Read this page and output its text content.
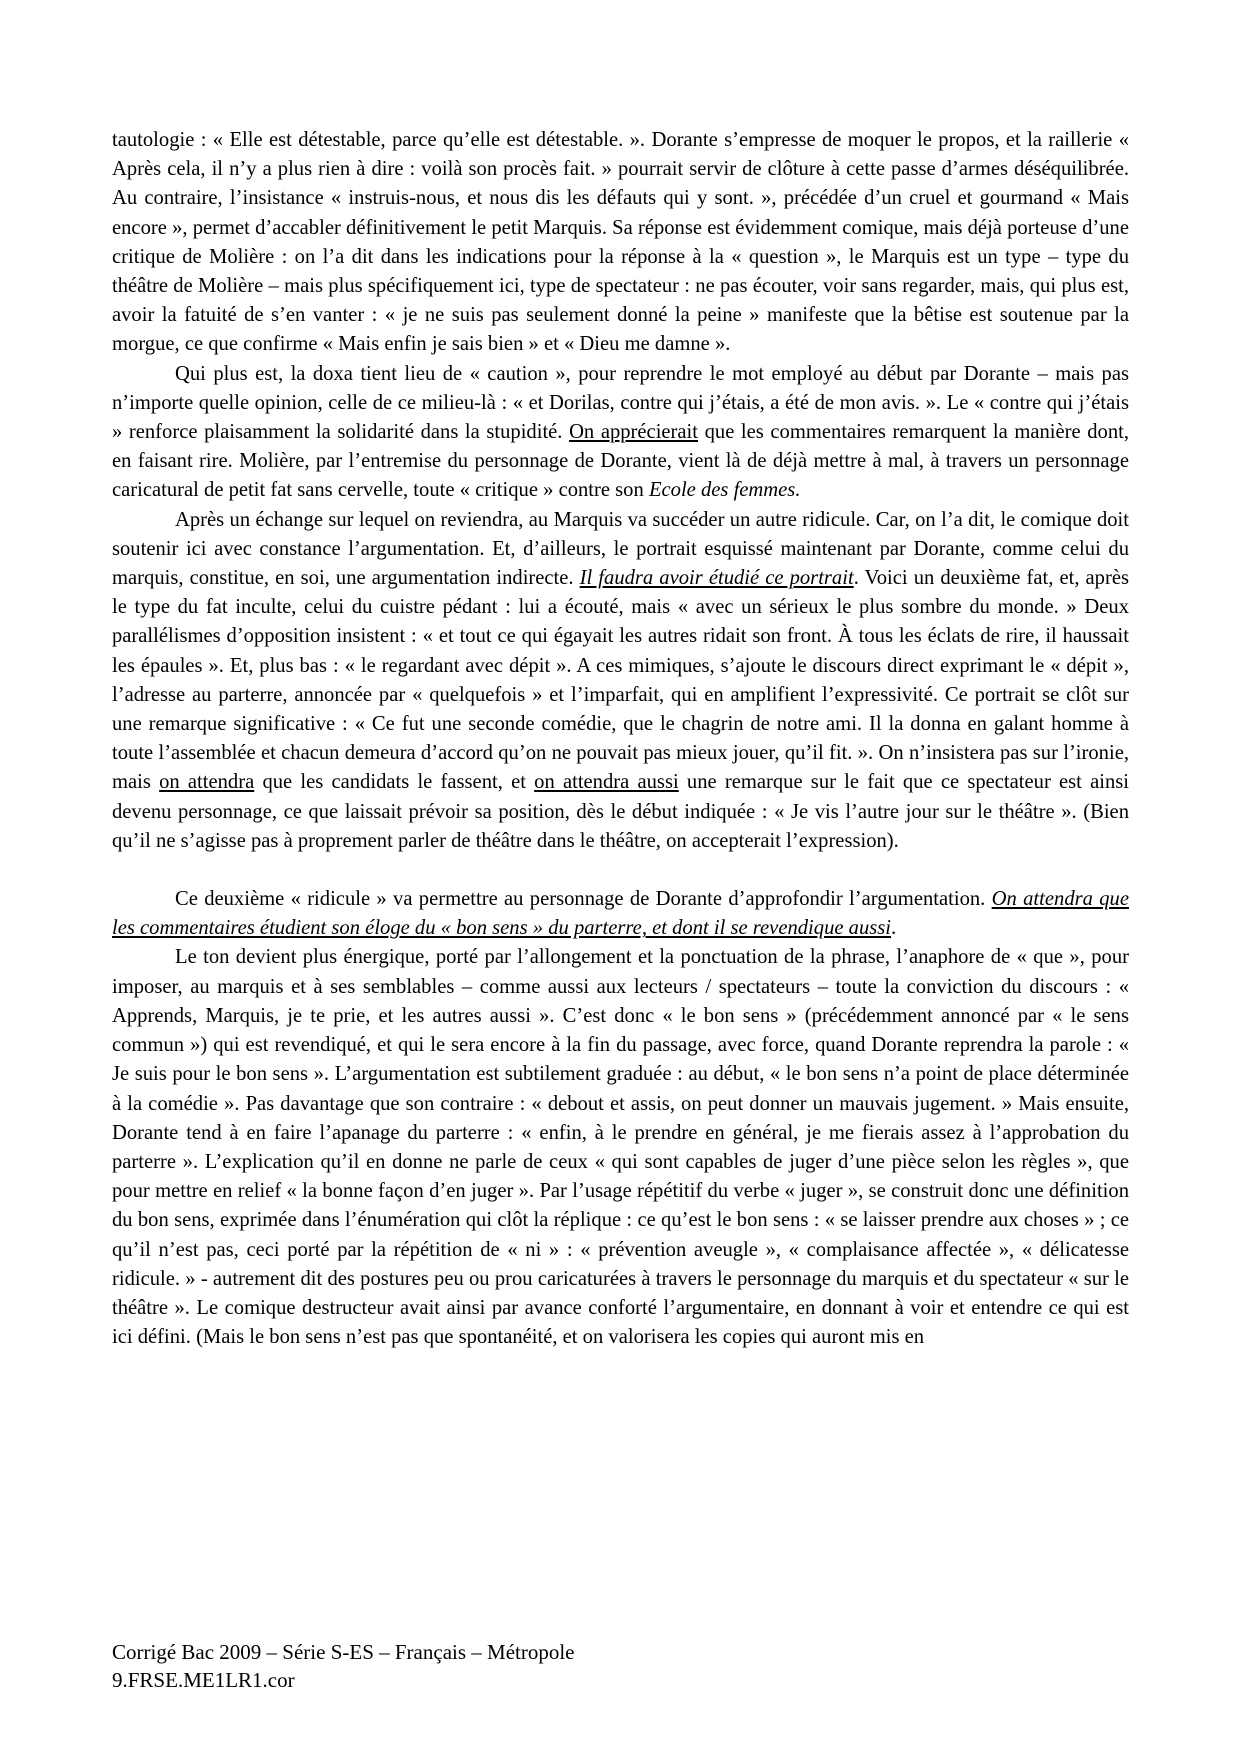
tautologie : « Elle est détestable, parce qu’elle est détestable. ». Dorante s’empresse de moquer le propos, et la raillerie « Après cela, il n’y a plus rien à dire : voilà son procès fait. » pourrait servir de clôture à cette passe d’armes déséquilibrée. Au contraire, l’insistance « instruis-nous, et nous dis les défauts qui y sont. », précédée d’un cruel et gourmand « Mais encore », permet d’accabler définitivement le petit Marquis. Sa réponse est évidemment comique, mais déjà porteuse d’une critique de Molière : on l’a dit dans les indications pour la réponse à la « question », le Marquis est un type – type du théâtre de Molière – mais plus spécifiquement ici, type de spectateur : ne pas écouter, voir sans regarder, mais, qui plus est, avoir la fatuité de s’en vanter : « je ne suis pas seulement donné la peine » manifeste que la bêtise est soutenue par la morgue, ce que confirme « Mais enfin je sais bien » et « Dieu me damne ».

Qui plus est, la doxa tient lieu de « caution », pour reprendre le mot employé au début par Dorante – mais pas n’importe quelle opinion, celle de ce milieu-là : « et Dorilas, contre qui j’étais, a été de mon avis. ». Le « contre qui j’étais » renforce plaisamment la solidarité dans la stupidité. On apprécierait que les commentaires remarquent la manière dont, en faisant rire. Molière, par l’entremise du personnage de Dorante, vient là de déjà mettre à mal, à travers un personnage caricatural de petit fat sans cervelle, toute « critique » contre son Ecole des femmes.

Après un échange sur lequel on reviendra, au Marquis va succéder un autre ridicule. Car, on l’a dit, le comique doit soutenir ici avec constance l’argumentation. Et, d’ailleurs, le portrait esquissé maintenant par Dorante, comme celui du marquis, constitue, en soi, une argumentation indirecte. Il faudra avoir étudié ce portrait. Voici un deuxième fat, et, après le type du fat inculte, celui du cuistre pédant : lui a écouté, mais « avec un sérieux le plus sombre du monde. » Deux parallélismes d’opposition insistent : « et tout ce qui égayait les autres ridait son front. À tous les éclats de rire, il haussait les épaules ». Et, plus bas : « le regardant avec dépit ». A ces mimiques, s’ajoute le discours direct exprimant le « dépit », l’adresse au parterre, annoncée par « quelquefois » et l’imparfait, qui en amplifient l’expressivité. Ce portrait se clôt sur une remarque significative : « Ce fut une seconde comédie, que le chagrin de notre ami. Il la donna en galant homme à toute l’assemblée et chacun demeura d’accord qu’on ne pouvait pas mieux jouer, qu’il fit. ». On n’insistera pas sur l’ironie, mais on attendra que les candidats le fassent, et on attendra aussi une remarque sur le fait que ce spectateur est ainsi devenu personnage, ce que laissait prévoir sa position, dès le début indiquée : « Je vis l’autre jour sur le théâtre ». (Bien qu’il ne s’agisse pas à proprement parler de théâtre dans le théâtre, on accepterait l’expression).

Ce deuxième « ridicule » va permettre au personnage de Dorante d’approfondir l’argumentation. On attendra que les commentaires étudient son éloge du « bon sens » du parterre, et dont il se revendique aussi.

Le ton devient plus énergique, porté par l’allongement et la ponctuation de la phrase, l’anaphore de « que », pour imposer, au marquis et à ses semblables – comme aussi aux lecteurs / spectateurs – toute la conviction du discours : « Apprends, Marquis, je te prie, et les autres aussi ». C’est donc « le bon sens » (précédemment annoncé par « le sens commun ») qui est revendiqué, et qui le sera encore à la fin du passage, avec force, quand Dorante reprendra la parole : « Je suis pour le bon sens ». L’argumentation est subtilement graduée : au début, « le bon sens n’a point de place déterminée à la comédie ». Pas davantage que son contraire : « debout et assis, on peut donner un mauvais jugement. » Mais ensuite, Dorante tend à en faire l’apanage du parterre : « enfin, à le prendre en général, je me fierais assez à l’approbation du parterre ». L’explication qu’il en donne ne parle de ceux « qui sont capables de juger d’une pièce selon les règles », que pour mettre en relief « la bonne façon d’en juger ». Par l’usage répétitif du verbe « juger », se construit donc une définition du bon sens, exprimée dans l’énumération qui clôt la réplique : ce qu’est le bon sens : « se laisser prendre aux choses » ; ce qu’il n’est pas, ceci porté par la répétition de « ni » : « prévention aveugle », « complaisance affectée », « délicatesse ridicule. » - autrement dit des postures peu ou prou caricaturées à travers le personnage du marquis et du spectateur « sur le théâtre ». Le comique destructeur avait ainsi par avance conforté l’argumentaire, en donnant à voir et entendre ce qui est ici défini. (Mais le bon sens n’est pas que spontanéité, et on valorisera les copies qui auront mis en

Corrigé Bac 2009 – Série S-ES – Français – Métropole
9.FRSE.ME1LR1.cor
